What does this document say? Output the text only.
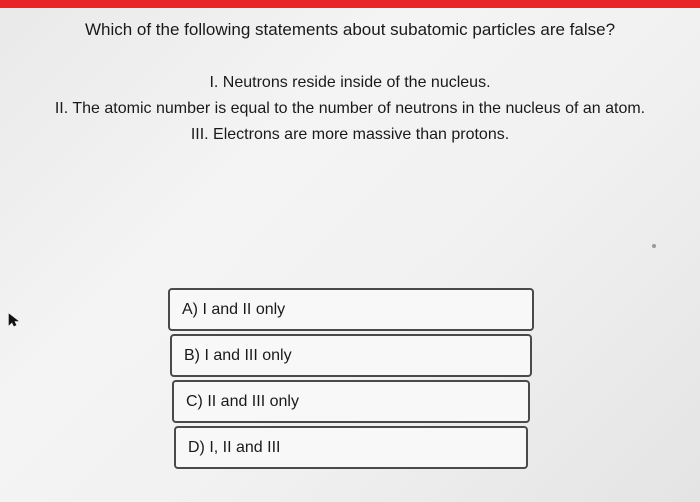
Which of the following statements about subatomic particles are false?

I. Neutrons reside inside of the nucleus.

II. The atomic number is equal to the number of neutrons in the nucleus of an atom.

III. Electrons are more massive than protons.

A) I and II only
B) I and III only
C) II and III only
D) I, II and III
